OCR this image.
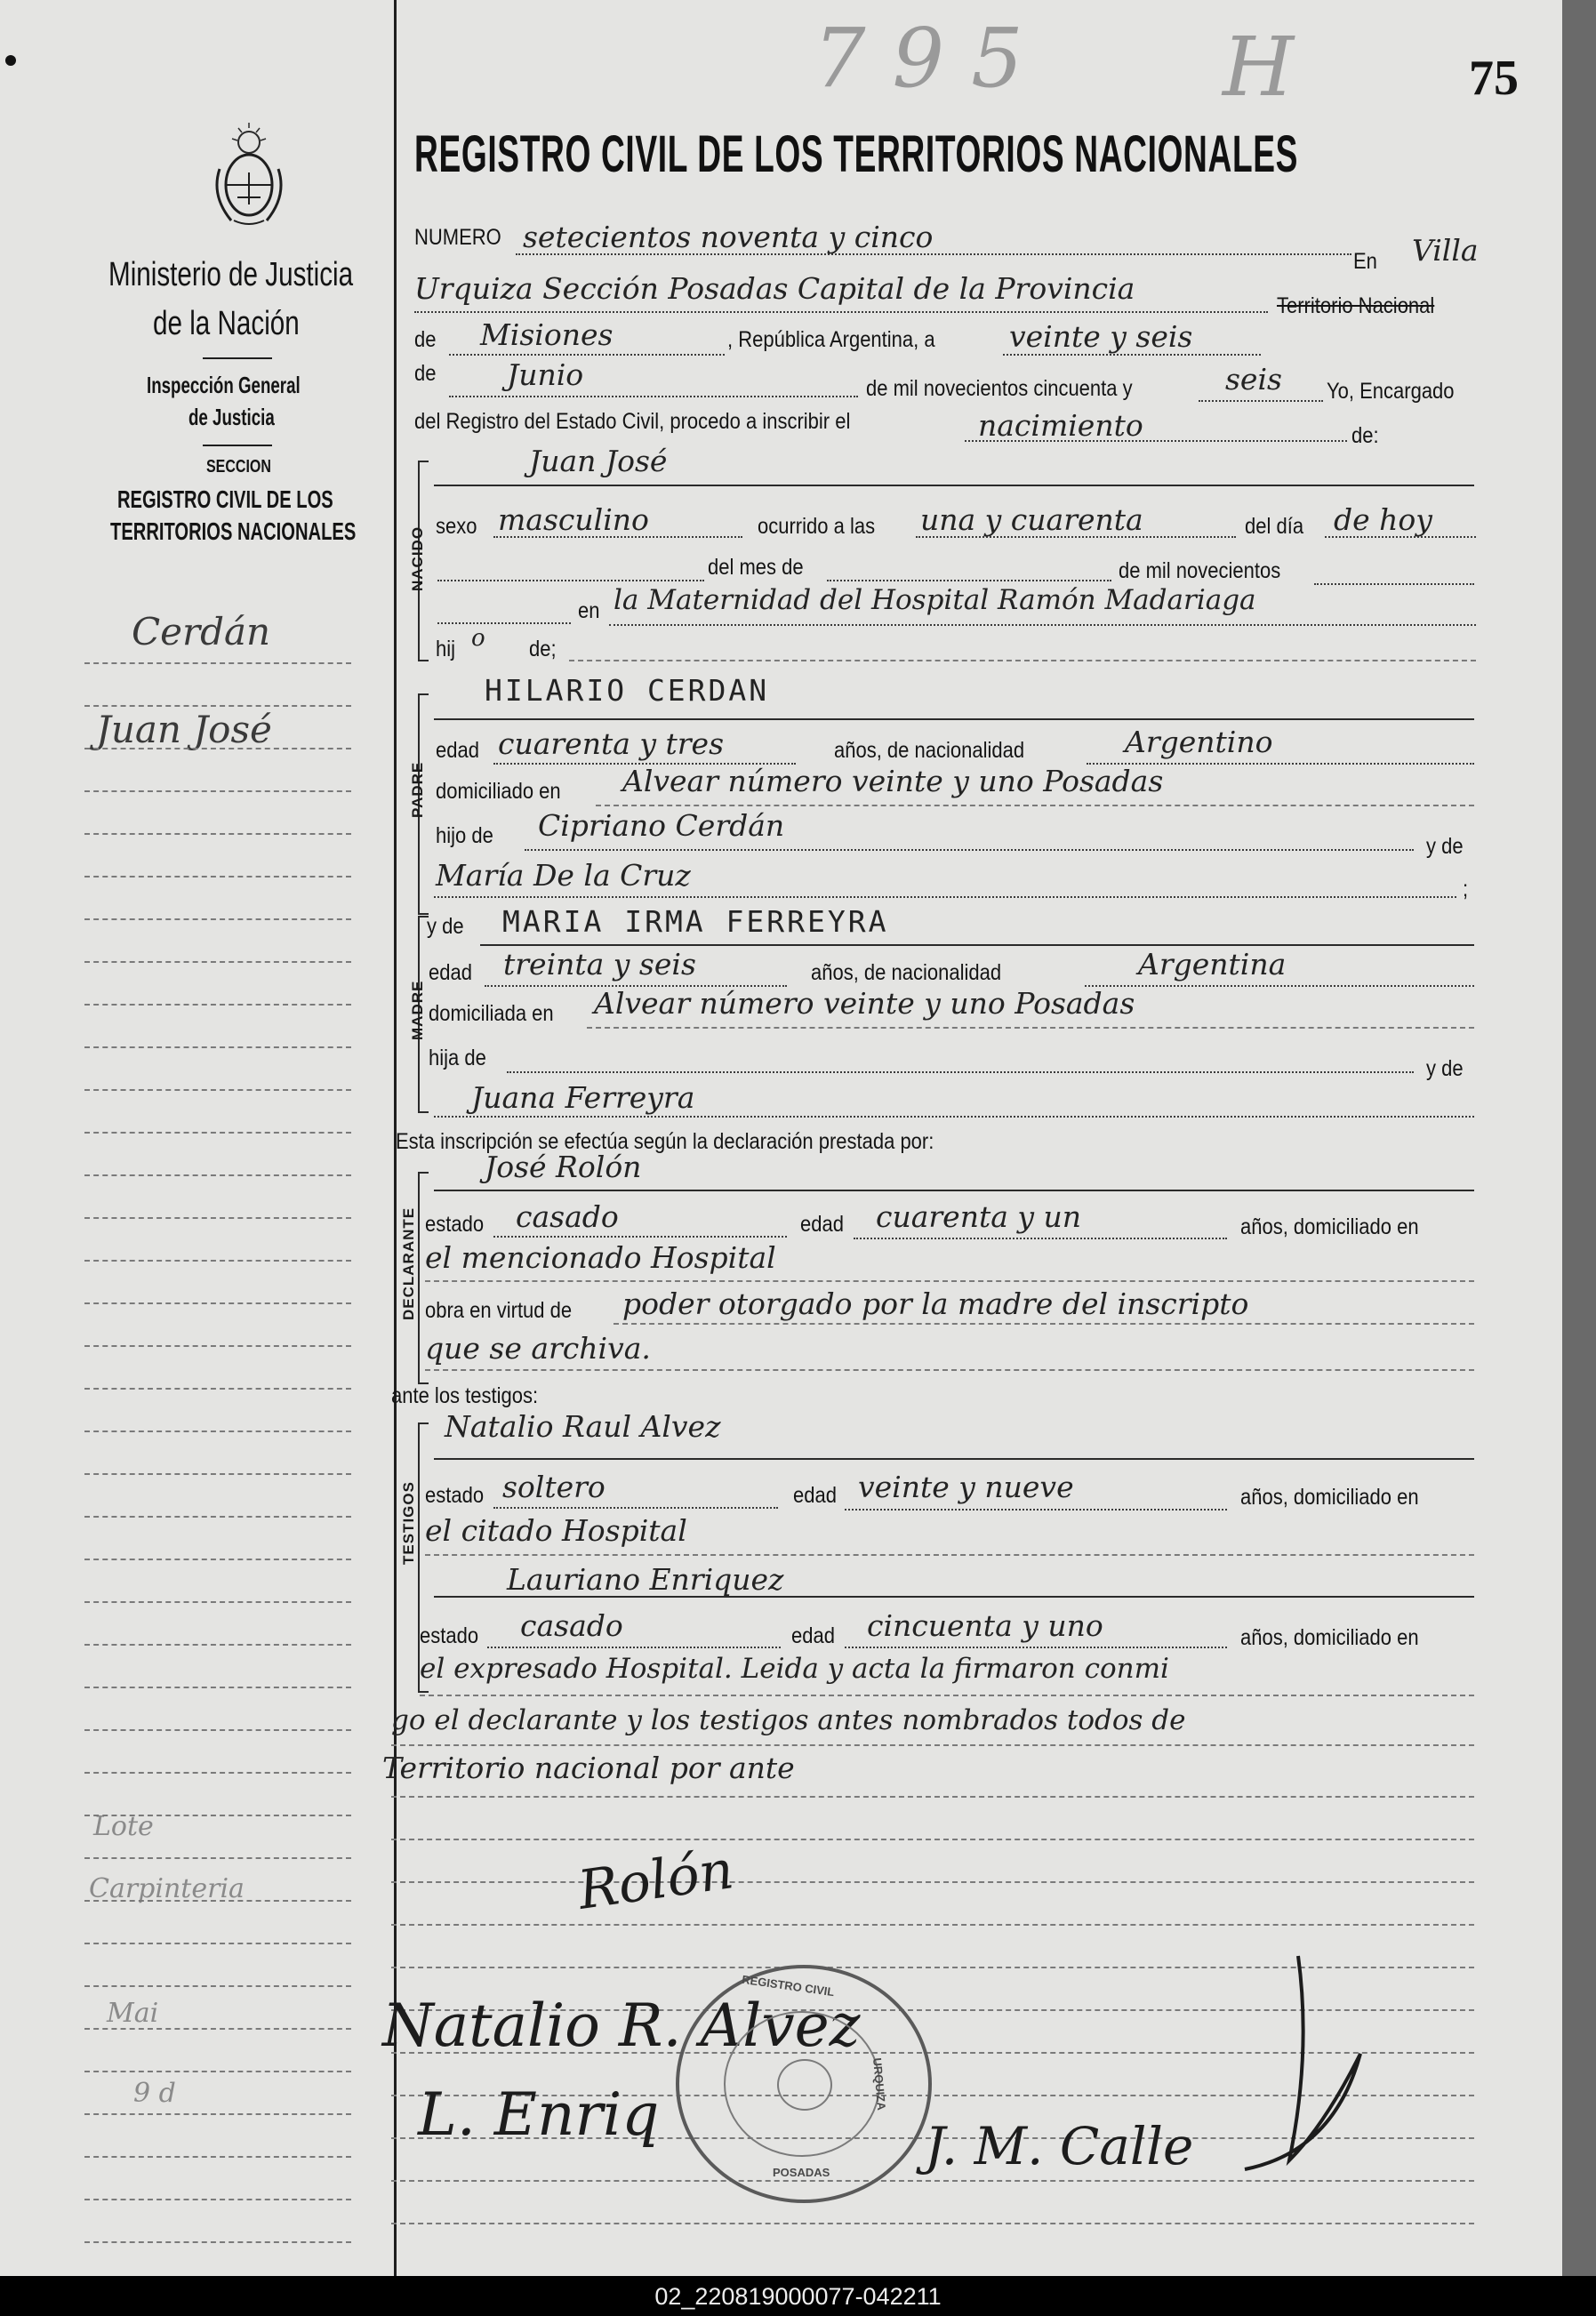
Ministerio de Justicia
de la Nación
Inspección General
de Justicia
SECCION
REGISTRO CIVIL DE LOS
TERRITORIOS NACIONALES
Cerdán
Juan José
Lote
Carpinteria
Mai
9 d
795 H	75
REGISTRO CIVIL DE LOS TERRITORIOS NACIONALES
NUMERO setecientos noventa y cinco
En Villa
Urquiza Sección Posadas Capital de la Provincia	Territorio Nacional
de Misiones	, República Argentina, a	veinte y seis
de Junio	de mil novecientos cincuenta y	seis Yo, Encargado
del Registro del Estado Civil, procedo a inscribir el	nacimiento	de:
NACIDO
Juan José
sexo masculino	ocurrido a las una y cuarenta	del día de hoy
del mes de	de mil novecientos
en la Maternidad del Hospital Ramón Madariaga
hij o de;
PADRE
HILARIO CERDAN
edad cuarenta y tres	años, de nacionalidad	Argentino
domiciliado en Alvear número veinte y uno Posadas
hijo de Cipriano Cerdán
y de
María De la Cruz	;
MADRE
y de MARIA IRMA FERREYRA
edad treinta y seis	años, de nacionalidad	Argentina
domiciliada en Alvear número veinte y uno Posadas
hija de	y de
Juana Ferreyra
Esta inscripción se efectúa según la declaración prestada por:
José Rolón
DECLARANTE estado casado	edad cuarenta y un	años, domiciliado en
el mencionado Hospital
obra en virtud de poder otorgado por la madre del inscripto
que se archiva.
ante los testigos:
TESTIGOS
Natalio Raul Alvez
estado soltero	edad veinte y nueve	años, domiciliado en
el citado Hospital
Lauriano Enriquez
estado casado	edad cincuenta y uno	años, domiciliado en
el expresado Hospital. Leida y acta la firmaron conmi
go el declarante y los testigos antes nombrados todos de
Territorio nacional por ante
Rolón
Natalio R. Alvez
L. Enriq	J. M. Calle
REGISTRO CIVIL
POSADAS
URQUIZA
02_220819000077-042211
